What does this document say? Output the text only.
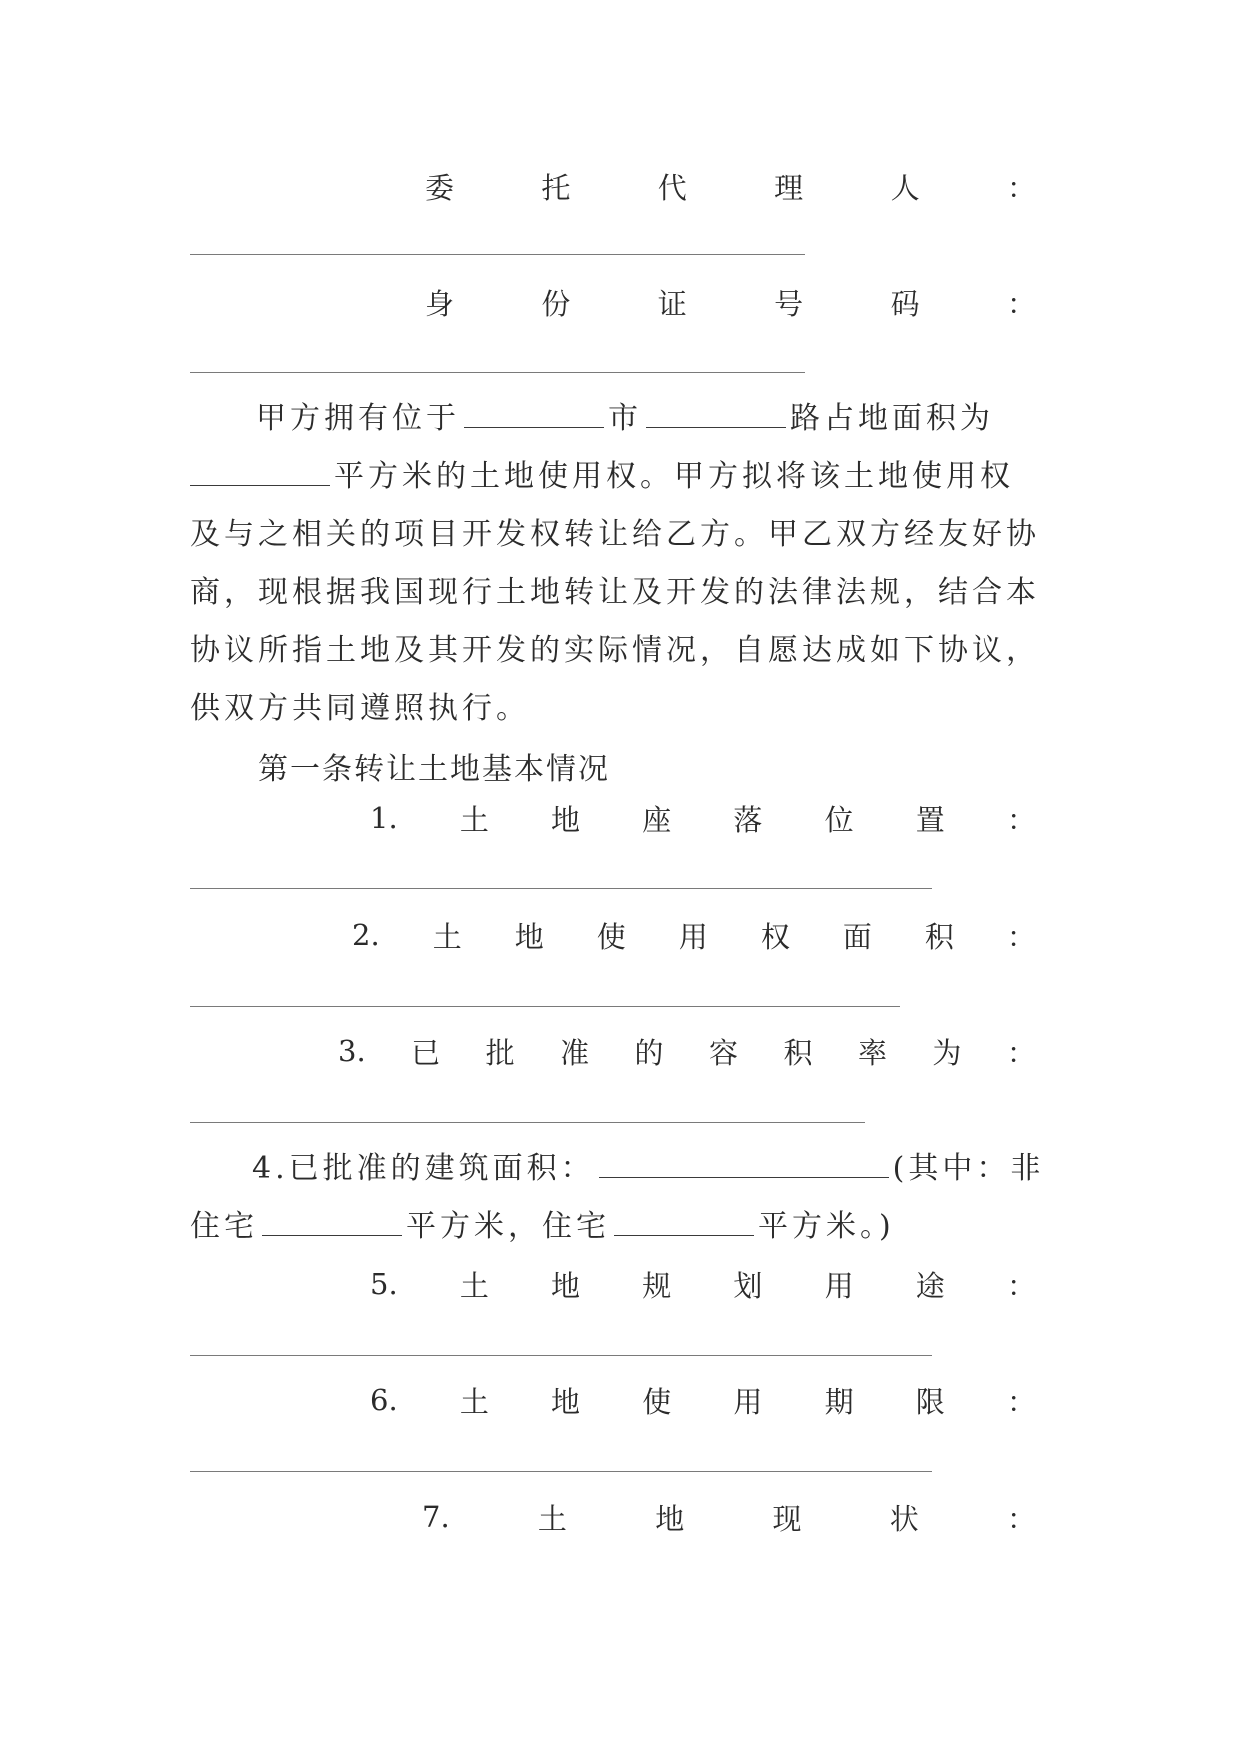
委	托	代	理	人	：
身	份	证	号	码	：

甲方拥有位于	市	路占地面积为平方米的土地使用权。甲方拟将该土地使用权及与之相关的项目开发权转让给乙方。甲乙双方经友好协商，现根据我国现行土地转让及开发的法律法规，结合本协议所指土地及其开发的实际情况，自愿达成如下协议，供双方共同遵照执行。

第一条转让土地基本情况
1. 土 地 座 落 位 置 ：
2. 土 地 使 用 权 面 积 ：
3. 已 批 准 的 容 积 率 为 ：

4.已批准的建筑面积：	(其中：非住宅	平方米，住宅	平方米。)

5. 土 地 规 划 用 途 ：
6. 土 地 使 用 期 限 ：
7.	土	地	现	状	：
